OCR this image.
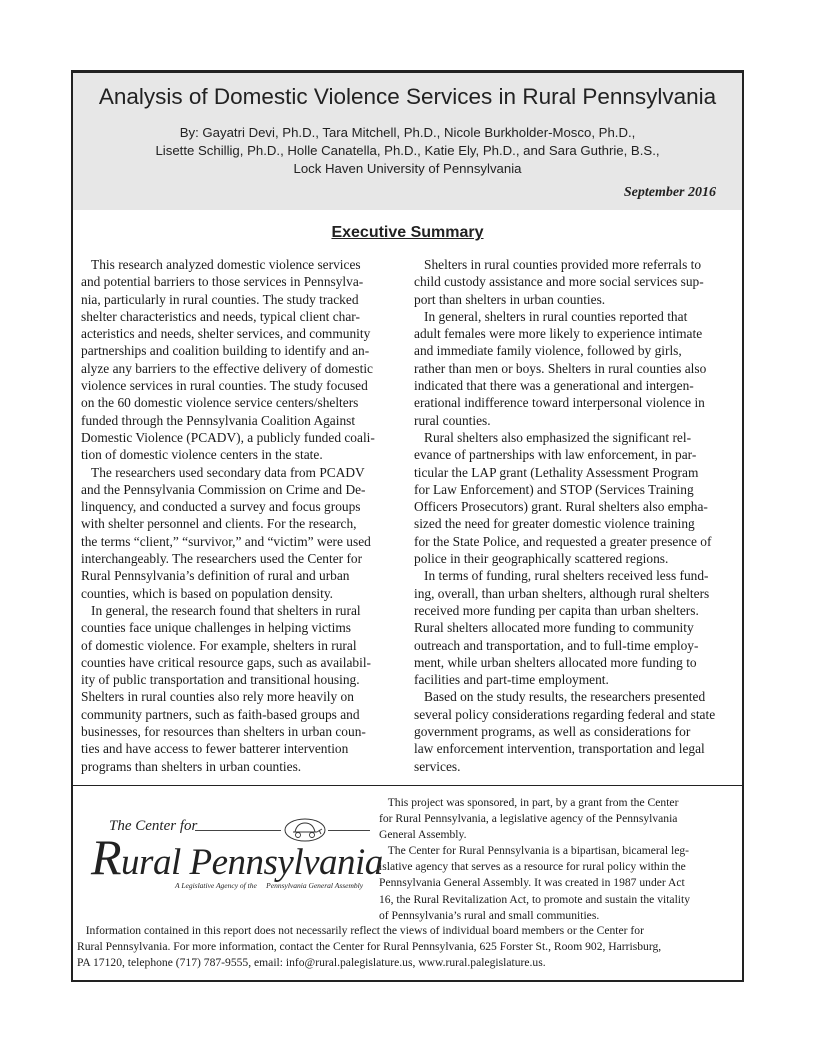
Analysis of Domestic Violence Services in Rural Pennsylvania
By: Gayatri Devi, Ph.D., Tara Mitchell, Ph.D., Nicole Burkholder-Mosco, Ph.D.,
Lisette Schillig, Ph.D., Holle Canatella, Ph.D., Katie Ely, Ph.D., and Sara Guthrie, B.S.,
Lock Haven University of Pennsylvania
September 2016
Executive Summary
This research analyzed domestic violence services
and potential barriers to those services in Pennsylva-
nia, particularly in rural counties. The study tracked
shelter characteristics and needs, typical client char-
acteristics and needs, shelter services, and community
partnerships and coalition building to identify and an-
alyze any barriers to the effective delivery of domestic
violence services in rural counties. The study focused
on the 60 domestic violence service centers/shelters
funded through the Pennsylvania Coalition Against
Domestic Violence (PCADV), a publicly funded coali-
tion of domestic violence centers in the state.
The researchers used secondary data from PCADV
and the Pennsylvania Commission on Crime and De-
linquency, and conducted a survey and focus groups
with shelter personnel and clients. For the research,
the terms “client,” “survivor,” and “victim” were used
interchangeably. The researchers used the Center for
Rural Pennsylvania’s definition of rural and urban
counties, which is based on population density.
In general, the research found that shelters in rural
counties face unique challenges in helping victims
of domestic violence. For example, shelters in rural
counties have critical resource gaps, such as availabil-
ity of public transportation and transitional housing.
Shelters in rural counties also rely more heavily on
community partners, such as faith-based groups and
businesses, for resources than shelters in urban coun-
ties and have access to fewer batterer intervention
programs than shelters in urban counties.
Shelters in rural counties provided more referrals to
child custody assistance and more social services sup-
port than shelters in urban counties.
In general, shelters in rural counties reported that
adult females were more likely to experience intimate
and immediate family violence, followed by girls,
rather than men or boys. Shelters in rural counties also
indicated that there was a generational and intergen-
erational indifference toward interpersonal violence in
rural counties.
Rural shelters also emphasized the significant rel-
evance of partnerships with law enforcement, in par-
ticular the LAP grant (Lethality Assessment Program
for Law Enforcement) and STOP (Services Training
Officers Prosecutors) grant. Rural shelters also empha-
sized the need for greater domestic violence training
for the State Police, and requested a greater presence of
police in their geographically scattered regions.
In terms of funding, rural shelters received less fund-
ing, overall, than urban shelters, although rural shelters
received more funding per capita than urban shelters.
Rural shelters allocated more funding to community
outreach and transportation, and to full-time employ-
ment, while urban shelters allocated more funding to
facilities and part-time employment.
Based on the study results, the researchers presented
several policy considerations regarding federal and state
government programs, as well as considerations for
law enforcement intervention, transportation and legal
services.
The Center for
Rural Pennsylvania
A Legislative Agency of the     Pennsylvania General Assembly
This project was sponsored, in part, by a grant from the Center
for Rural Pennsylvania, a legislative agency of the Pennsylvania
General Assembly.
The Center for Rural Pennsylvania is a bipartisan, bicameral leg-
islative agency that serves as a resource for rural policy within the
Pennsylvania General Assembly. It was created in 1987 under Act
16, the Rural Revitalization Act, to promote and sustain the vitality
of Pennsylvania’s rural and small communities.
Information contained in this report does not necessarily reflect the views of individual board members or the Center for
Rural Pennsylvania. For more information, contact the Center for Rural Pennsylvania, 625 Forster St., Room 902, Harrisburg,
PA 17120, telephone (717) 787-9555, email: info@rural.palegislature.us, www.rural.palegislature.us.
